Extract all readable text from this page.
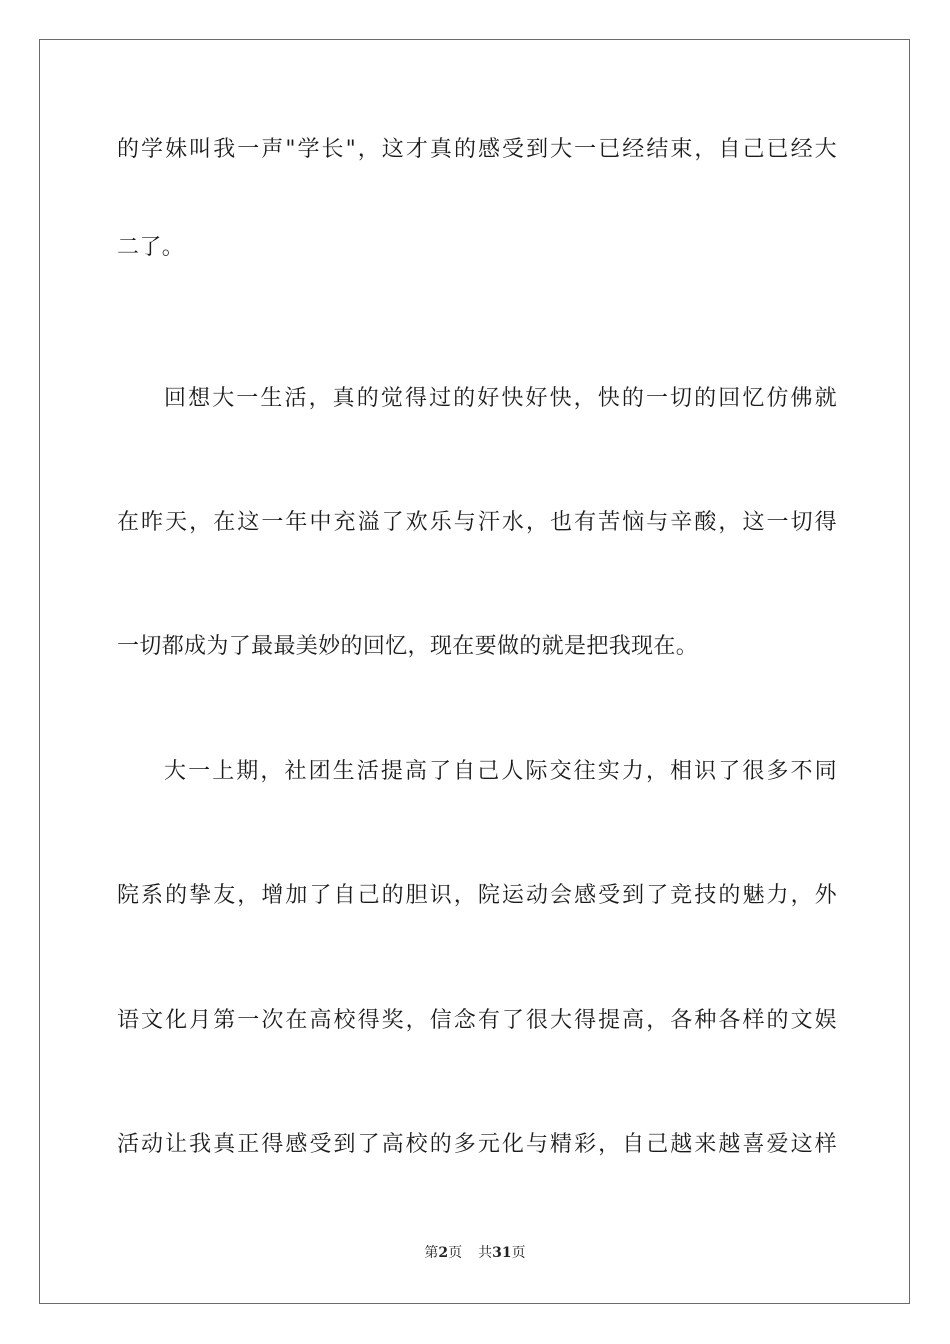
的学妹叫我一声"学长"，这才真的感受到大一已经结束，自己已经大
二了。
回想大一生活，真的觉得过的好快好快，快的一切的回忆仿佛就
在昨天，在这一年中充溢了欢乐与汗水，也有苦恼与辛酸，这一切得
一切都成为了最最美妙的回忆，现在要做的就是把我现在。
大一上期，社团生活提高了自己人际交往实力，相识了很多不同
院系的挚友，增加了自己的胆识，院运动会感受到了竞技的魅力，外
语文化月第一次在高校得奖，信念有了很大得提高，各种各样的文娱
活动让我真正得感受到了高校的多元化与精彩，自己越来越喜爱这样
第2页 共31页
